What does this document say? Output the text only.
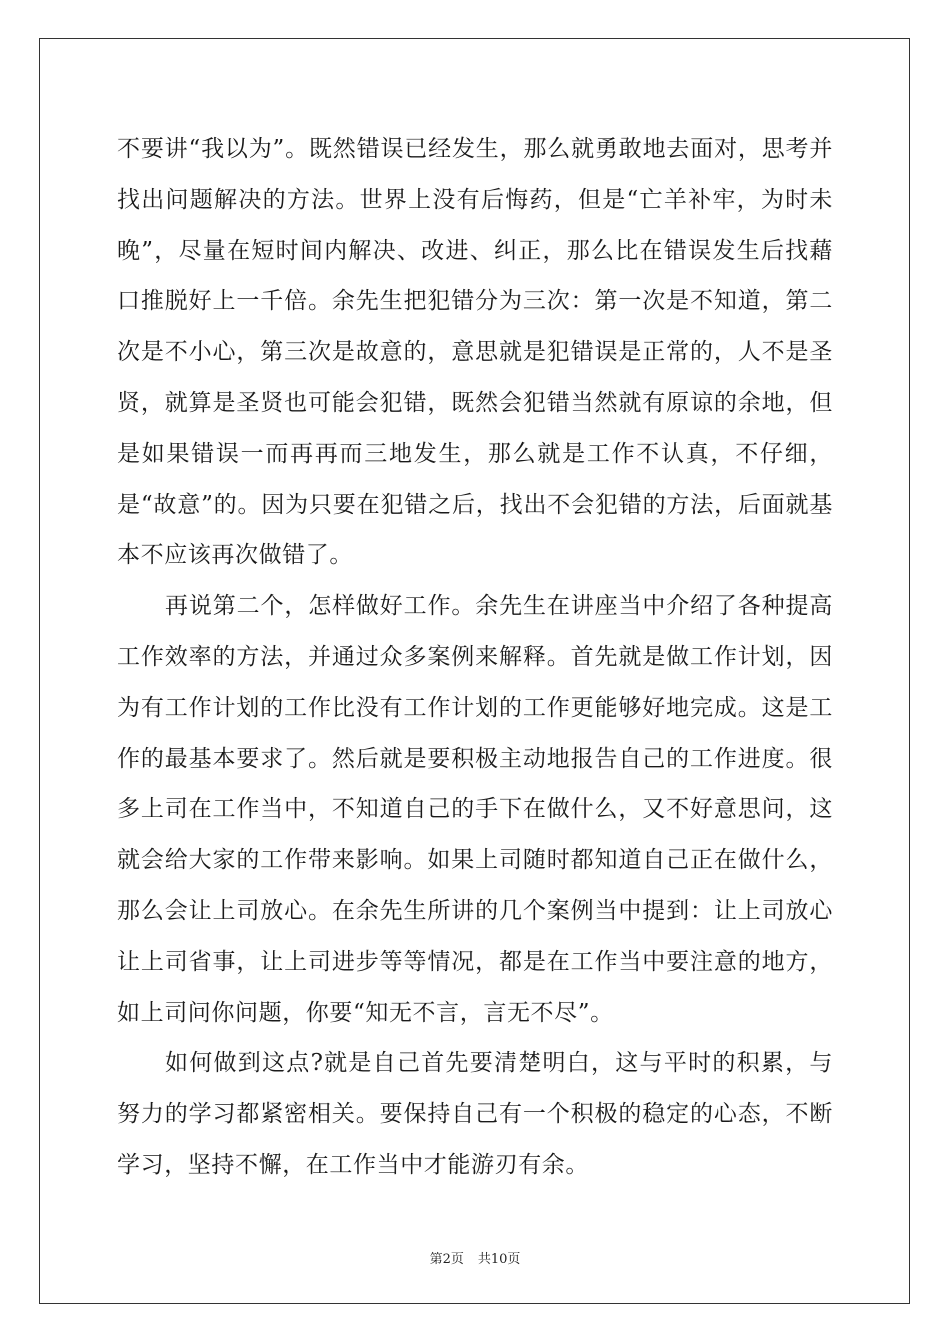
不要讲“我以为”。既然错误已经发生，那么就勇敢地去面对，思考并找出问题解决的方法。世界上没有后悔药，但是“亡羊补牢，为时未晚”，尽量在短时间内解决、改进、纠正，那么比在错误发生后找藉口推脱好上一千倍。余先生把犯错分为三次：第一次是不知道，第二次是不小心，第三次是故意的，意思就是犯错误是正常的，人不是圣贤，就算是圣贤也可能会犯错，既然会犯错当然就有原谅的余地，但是如果错误一而再再而三地发生，那么就是工作不认真，不仔细，是“故意”的。因为只要在犯错之后，找出不会犯错的方法，后面就基本不应该再次做错了。

再说第二个，怎样做好工作。余先生在讲座当中介绍了各种提高工作效率的方法，并通过众多案例来解释。首先就是做工作计划，因为有工作计划的工作比没有工作计划的工作更能够好地完成。这是工作的最基本要求了。然后就是要积极主动地报告自己的工作进度。很多上司在工作当中，不知道自己的手下在做什么，又不好意思问，这就会给大家的工作带来影响。如果上司随时都知道自己正在做什么，那么会让上司放心。在余先生所讲的几个案例当中提到：让上司放心让上司省事，让上司进步等等情况，都是在工作当中要注意的地方，如上司问你问题，你要“知无不言，言无不尽”。

如何做到这点?就是自己首先要清楚明白，这与平时的积累，与努力的学习都紧密相关。要保持自己有一个积极的稳定的心态，不断学习，坚持不懈，在工作当中才能游刃有余。

第2页 共10页
